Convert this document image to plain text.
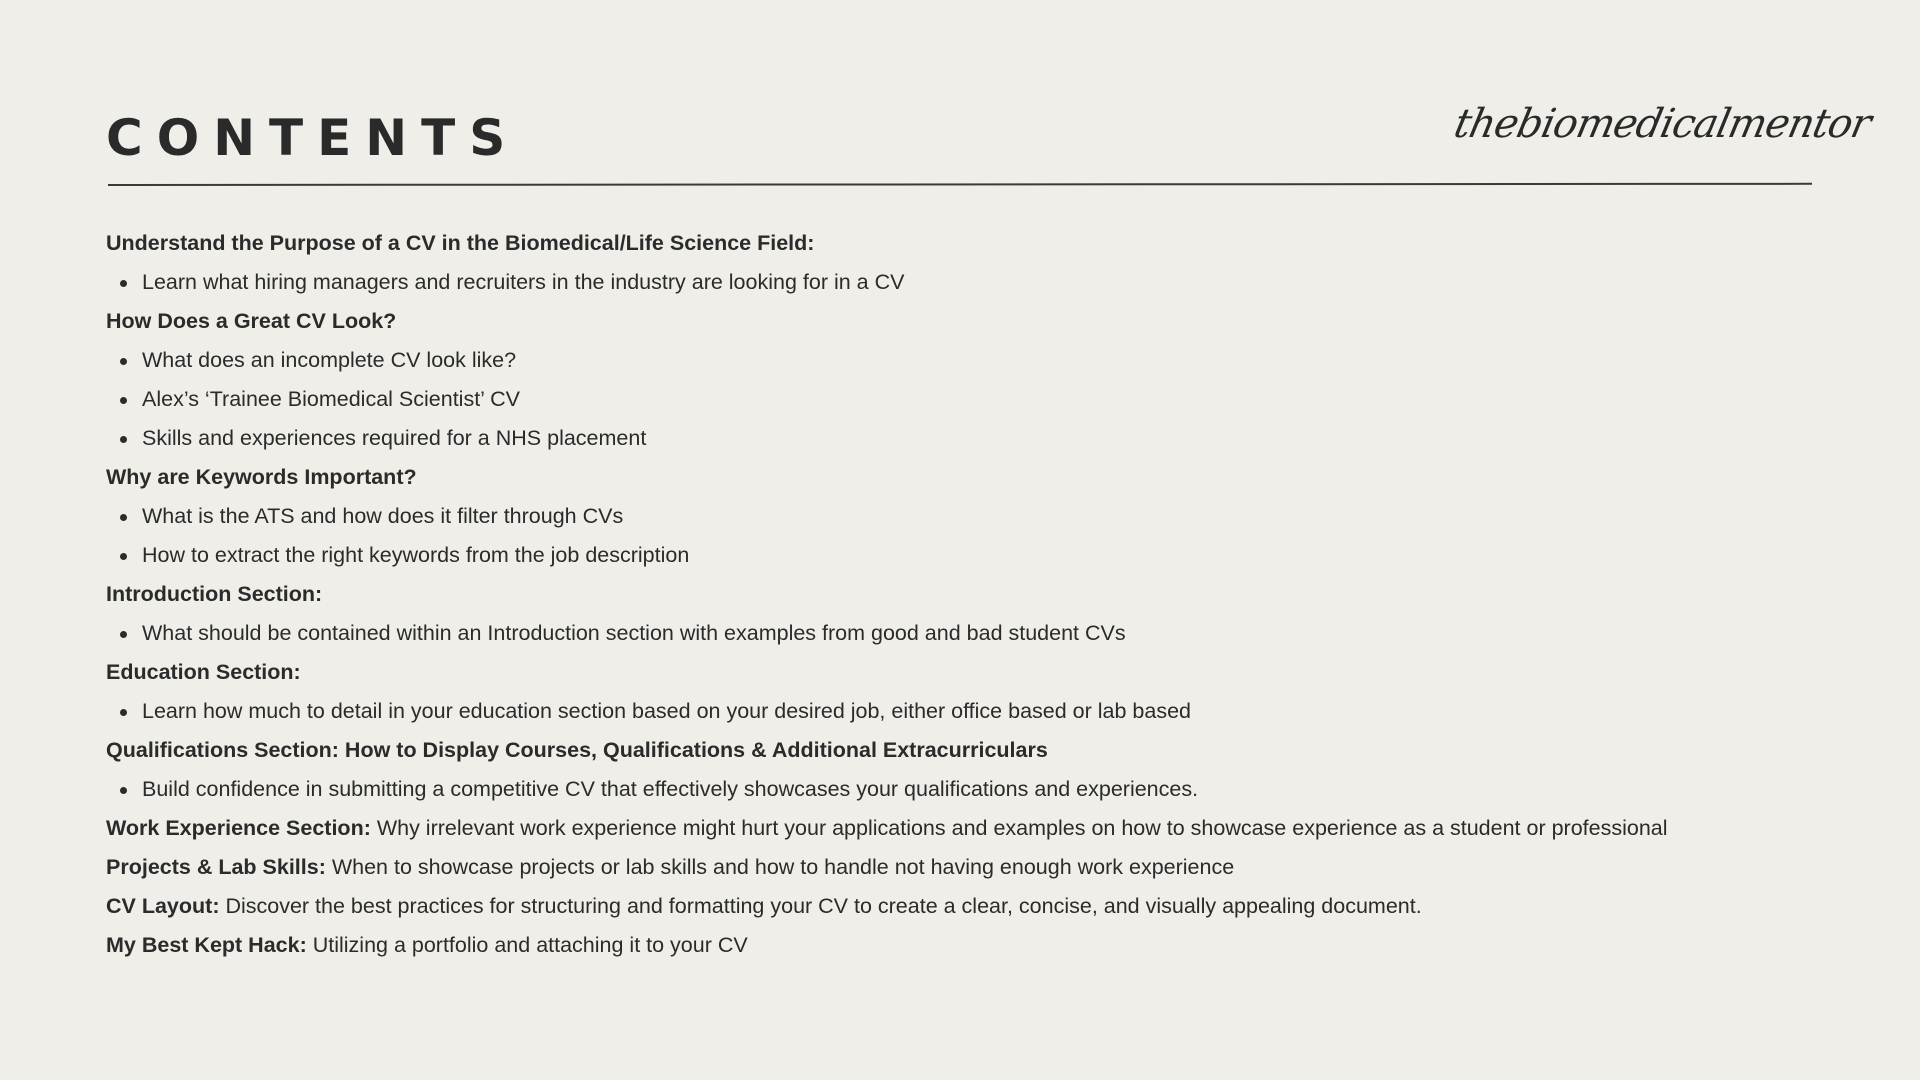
CONTENTS	thebiomedicalmentor

Understand the Purpose of a CV in the Biomedical/Life Science Field:

Learn what hiring managers and recruiters in the industry are looking for in a CV

How Does a Great CV Look?

What does an incomplete CV look like?

Alex’s ‘Trainee Biomedical Scientist’ CV

Skills and experiences required for a NHS placement

Why are Keywords Important?

What is the ATS and how does it filter through CVs

How to extract the right keywords from the job description

Introduction Section:

What should be contained within an Introduction section with examples from good and bad student CVs

Education Section:

Learn how much to detail in your education section based on your desired job, either office based or lab based

Qualifications Section: How to Display Courses, Qualifications & Additional Extracurriculars

Build confidence in submitting a competitive CV that effectively showcases your qualifications and experiences.

Work Experience Section: Why irrelevant work experience might hurt your applications and examples on how to showcase experience as a student or professional

Projects & Lab Skills: When to showcase projects or lab skills and how to handle not having enough work experience

CV Layout: Discover the best practices for structuring and formatting your CV to create a clear, concise, and visually appealing document.

My Best Kept Hack: Utilizing a portfolio and attaching it to your CV
